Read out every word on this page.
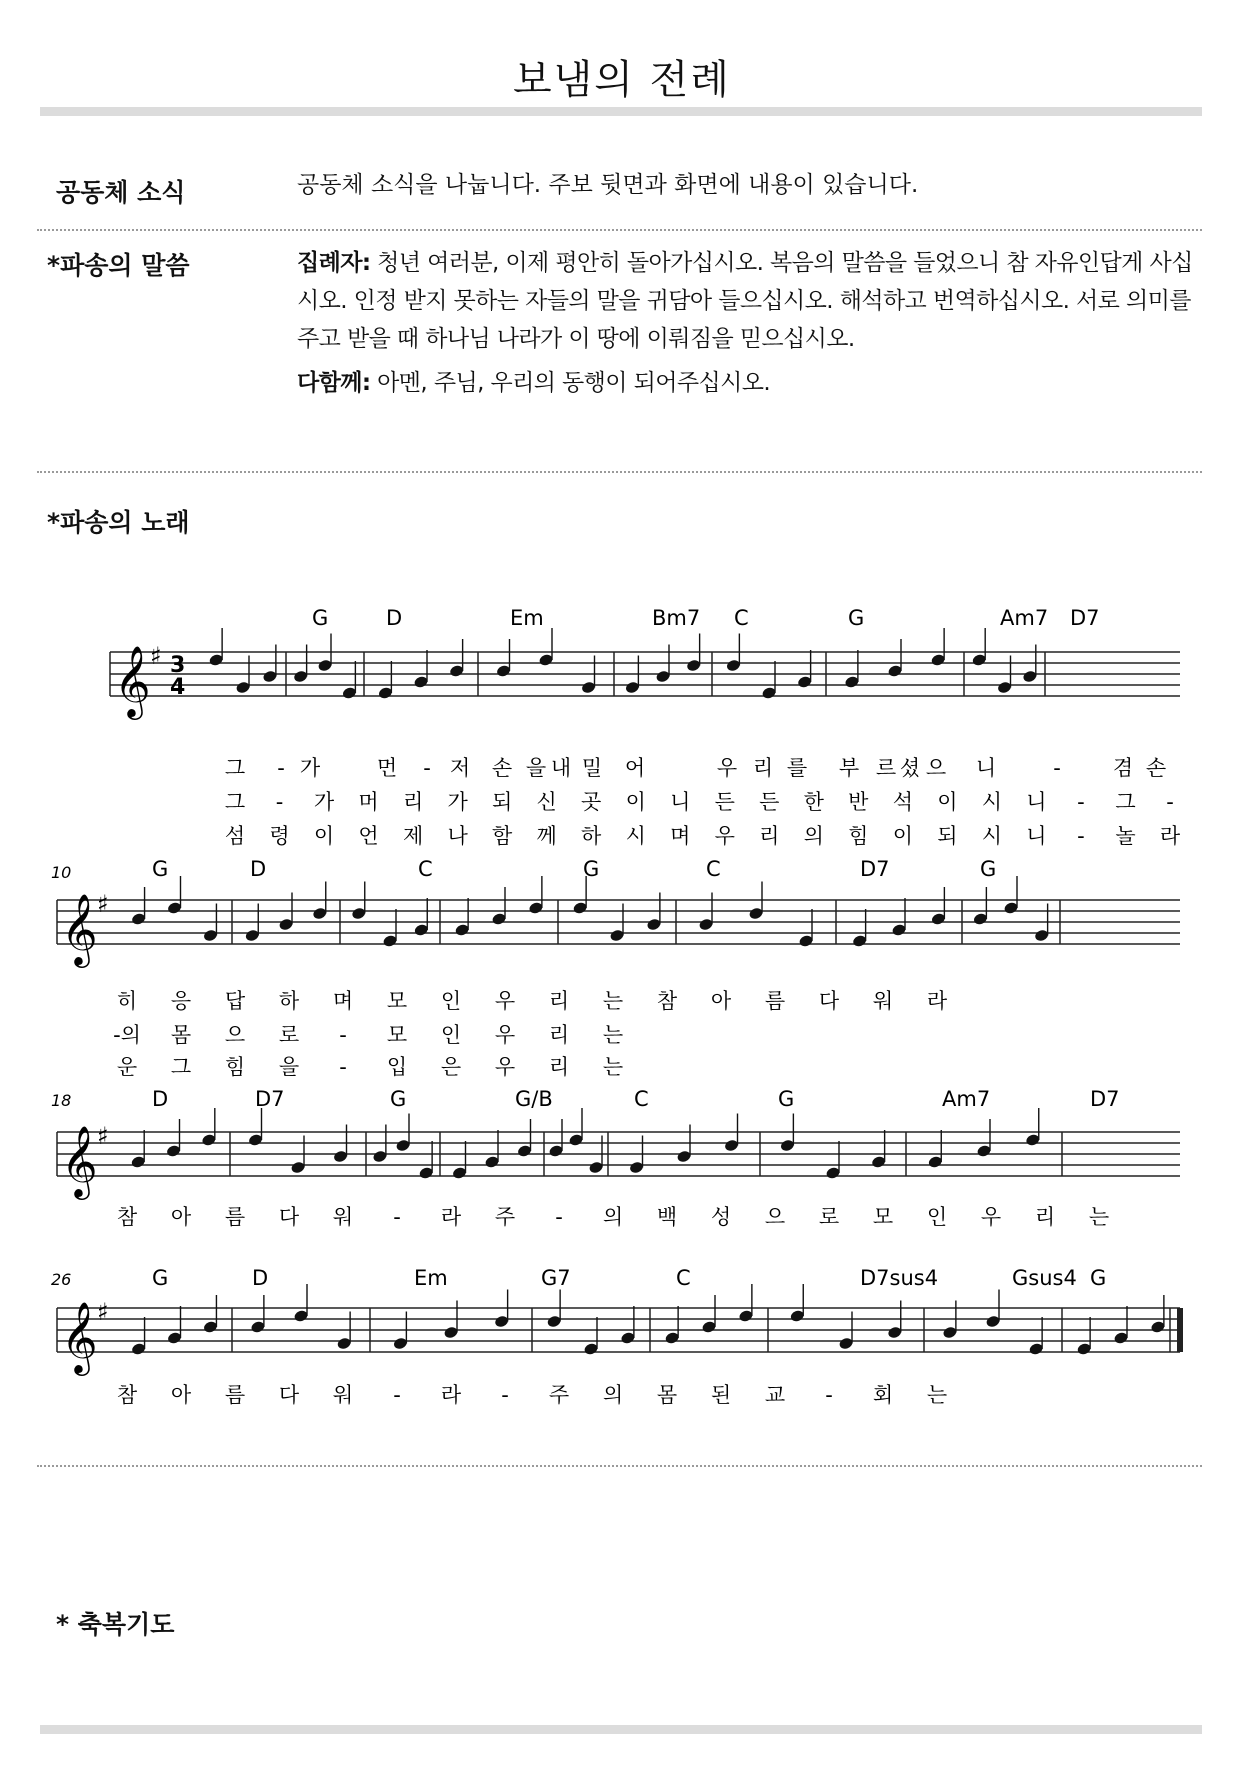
보냄의 전례
공동체 소식	공동체 소식을 나눕니다. 주보 뒷면과 화면에 내용이 있습니다.
*파송의 말씀	집례자: 청년 여러분, 이제 평안히 돌아가십시오. 복음의 말씀을 들었으니 참 자유인답게 사십시오. 인정 받지 못하는 자들의 말을 귀담아 들으십시오. 해석하고 번역하십시오. 서로 의미를 주고 받을 때 하나님 나라가 이 땅에 이뤄짐을 믿으십시오.
다함께: 아멘, 주님, 우리의 동행이 되어주십시오.
*파송의 노래
𝄞 ♯ 3
4
G	D	Em	Bm7 C	G	Am7 D7
그 - 가	먼 - 저 손 을 내 밀 어	우 리 를 부 르 셨 으 니	- 겸 손
그 - 가 머 리 가 되 신 곳 이 니 든 든 한 반 석 이 시 니 - 그 -
섬 령 이 언 제 나 함 께 하 시 며 우 리 의 힘 이 되 시 니 - 놀 라
𝄞 ♯
10	G	D	C	G	C	D7	G
히 응 답 하 며 모 인 우 리 는 참 아 름 다 워 라
-의 몸 으 로 - 모 인 우 리 는
운 그 힘 을 - 입 은 우 리 는
𝄞 ♯
18	D	D7	G	G/B	C	G	Am7	D7
참 아 름 다 워 - 라 주 - 의 백 성 으 로 모 인 우 리 는
𝄞 ♯
26	G	D	Em	G7	C	D7sus4	Gsus4 G
참 아 름 다 워 - 라 - 주 의 몸 된 교 - 회 는
* 축복기도
